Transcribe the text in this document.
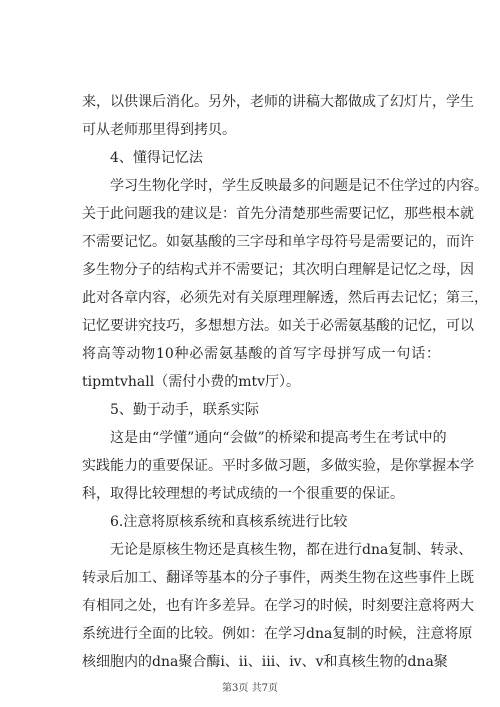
来，以供课后消化。另外，老师的讲稿大都做成了幻灯片，学生
可从老师那里得到拷贝。
4、懂得记忆法
学习生物化学时，学生反映最多的问题是记不住学过的内容。
关于此问题我的建议是：首先分清楚那些需要记忆，那些根本就
不需要记忆。如氨基酸的三字母和单字母符号是需要记的，而许
多生物分子的结构式并不需要记；其次明白理解是记忆之母，因
此对各章内容，必须先对有关原理理解透，然后再去记忆；第三，
记忆要讲究技巧，多想想方法。如关于必需氨基酸的记忆，可以
将高等动物10种必需氨基酸的首写字母拼写成一句话：
tipmtvhall（需付小费的mtv厅）。
5、勤于动手，联系实际
这是由“学懂”通向“会做”的桥梁和提高考生在考试中的
实践能力的重要保证。平时多做习题，多做实验，是你掌握本学
科，取得比较理想的考试成绩的一个很重要的保证。
6.注意将原核系统和真核系统进行比较
无论是原核生物还是真核生物，都在进行dna复制、转录、
转录后加工、翻译等基本的分子事件，两类生物在这些事件上既
有相同之处，也有许多差异。在学习的时候，时刻要注意将两大
系统进行全面的比较。例如：在学习dna复制的时候，注意将原
核细胞内的dna聚合酶i、ii、iii、iv、v和真核生物的dna聚
第3页 共7页
